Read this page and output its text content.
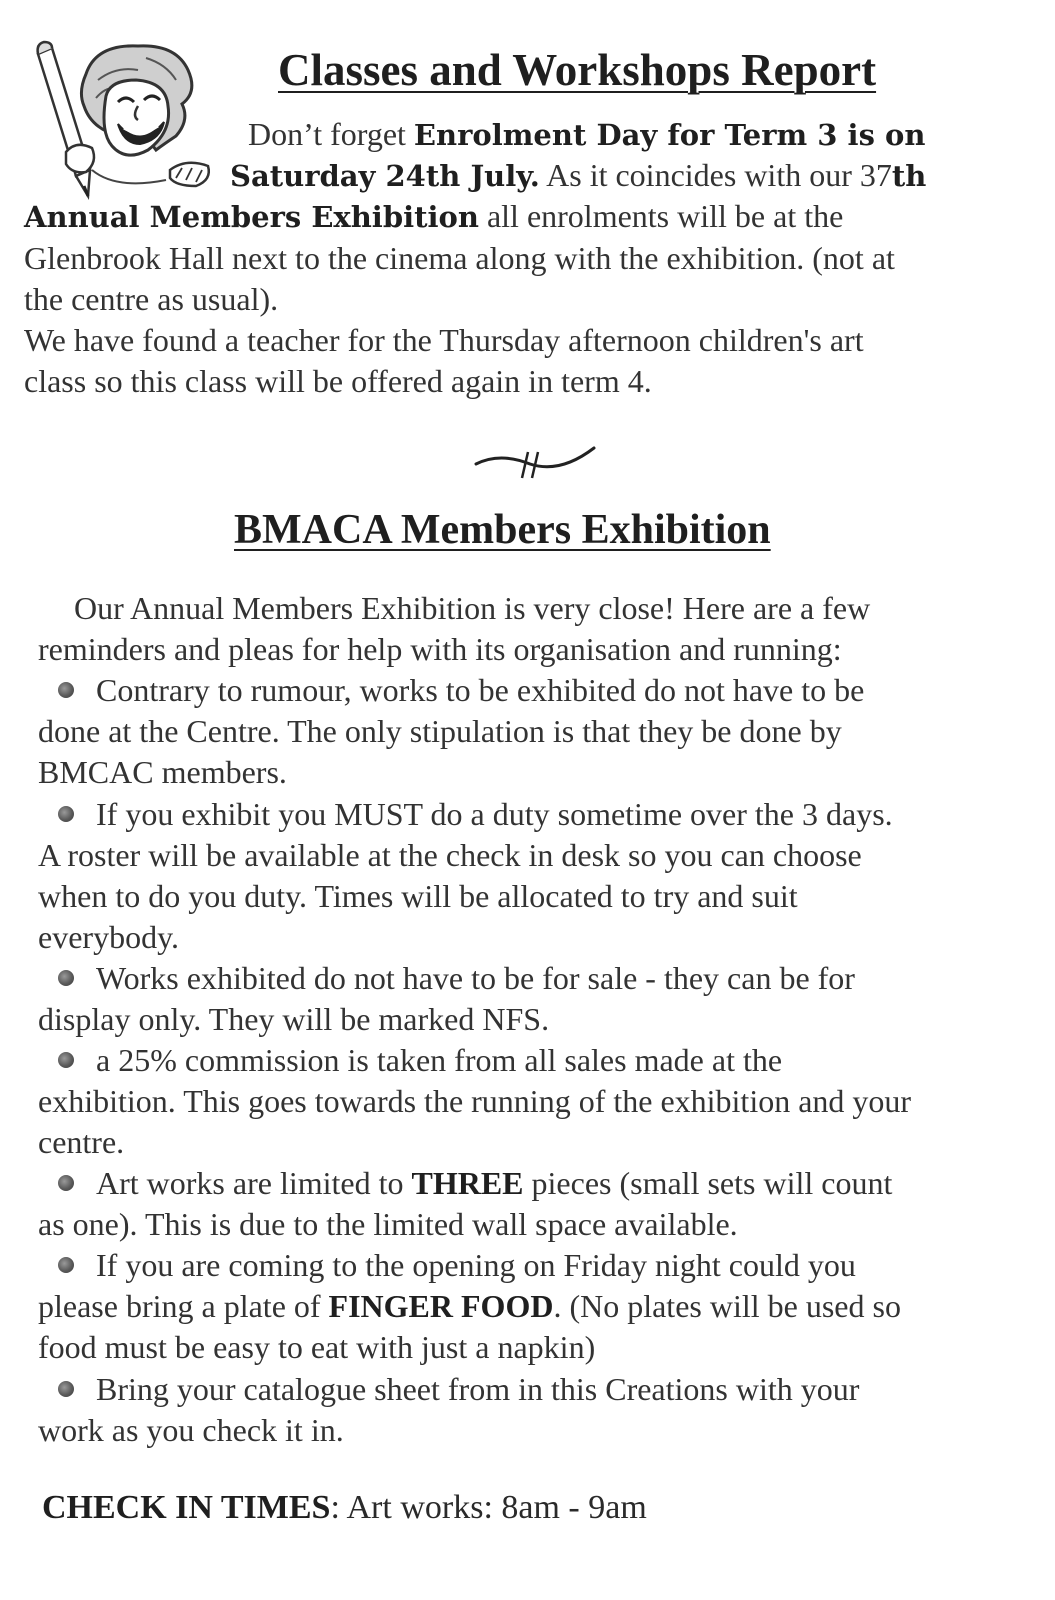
Classes and Workshops Report
Don’t forget Enrolment Day for Term 3 is on
Saturday 24th July. As it coincides with our 37th
Annual Members Exhibition all enrolments will be at the
Glenbrook Hall next to the cinema along with the exhibition. (not at
the centre as usual).
We have found a teacher for the Thursday afternoon children's art
class so this class will be offered again in term 4.
BMACA Members Exhibition
Our Annual Members Exhibition is very close! Here are a few
reminders and pleas for help with its organisation and running:
Contrary to rumour, works to be exhibited do not have to be
done at the Centre. The only stipulation is that they be done by
BMCAC members.
If you exhibit you MUST do a duty sometime over the 3 days.
A roster will be available at the check in desk so you can choose
when to do you duty. Times will be allocated to try and suit
everybody.
Works exhibited do not have to be for sale - they can be for
display only. They will be marked NFS.
a 25% commission is taken from all sales made at the
exhibition. This goes towards the running of the exhibition and your
centre.
Art works are limited to THREE pieces (small sets will count
as one). This is due to the limited wall space available.
If you are coming to the opening on Friday night could you
please bring a plate of FINGER FOOD. (No plates will be used so
food must be easy to eat with just a napkin)
Bring your catalogue sheet from in this Creations with your
work as you check it in.
CHECK IN TIMES: Art works: 8am - 9am
